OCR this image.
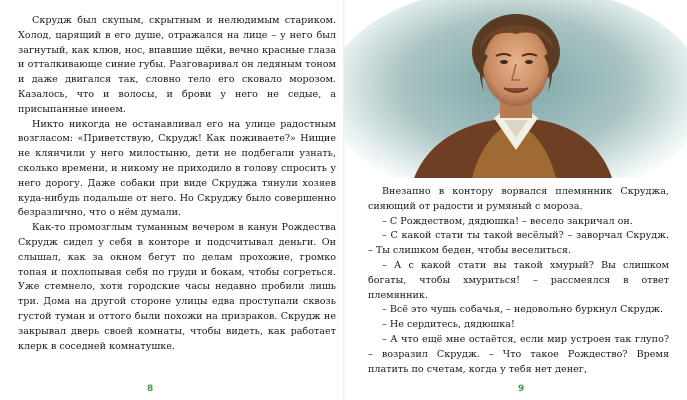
Скрудж был скупым, скрытным и нелюдимым стариком. Холод, царящий в его душе, отражался на лице – у него был загнутый, как клюв, нос, впавшие щёки, вечно красные глаза и отталкивающе синие губы. Разговаривал он ледяным тоном и даже двигался так, словно тело его сковало морозом. Казалось, что и волосы, и брови у него не седые, а присыпанные инеем.

Никто никогда не останавливал его на улице радостным возгласом: «Приветствую, Скрудж! Как поживаете?» Нищие не клянчили у него милостыню, дети не подбегали узнать, сколько времени, и никому не приходило в голову спросить у него дорогу. Даже собаки при виде Скруджа тянули хозяев куда-нибудь подальше от него. Но Скруджу было совершенно безразлично, что о нём думали.

Как-то промозглым туманным вечером в канун Рождества Скрудж сидел у себя в конторе и подсчитывал деньги. Он слышал, как за окном бегут по делам прохожие, громко топая и похлопывая себя по груди и бокам, чтобы согреться. Уже стемнело, хотя городские часы недавно пробили лишь три. Дома на другой стороне улицы едва проступали сквозь густой туман и оттого были похожи на призраков. Скрудж не закрывал дверь своей комнаты, чтобы видеть, как работает клерк в соседней комнатушке.

8

Внезапно в контору ворвался племянник Скруджа, сияющий от радости и румяный с мороза.

– С Рождеством, дядюшка! – весело закричал он.

– С какой стати ты такой весёлый? – заворчал Скрудж. – Ты слишком беден, чтобы веселиться.

– А с какой стати вы такой хмурый? Вы слишком богаты, чтобы хмуриться! – рассмеялся в ответ племянник.

– Всё это чушь собачья, – недовольно буркнул Скрудж.

– Не сердитесь, дядюшка!

– А что ещё мне остаётся, если мир устроен так глупо? – возразил Скрудж. – Что такое Рождество? Время платить по счетам, когда у тебя нет денег,

9
